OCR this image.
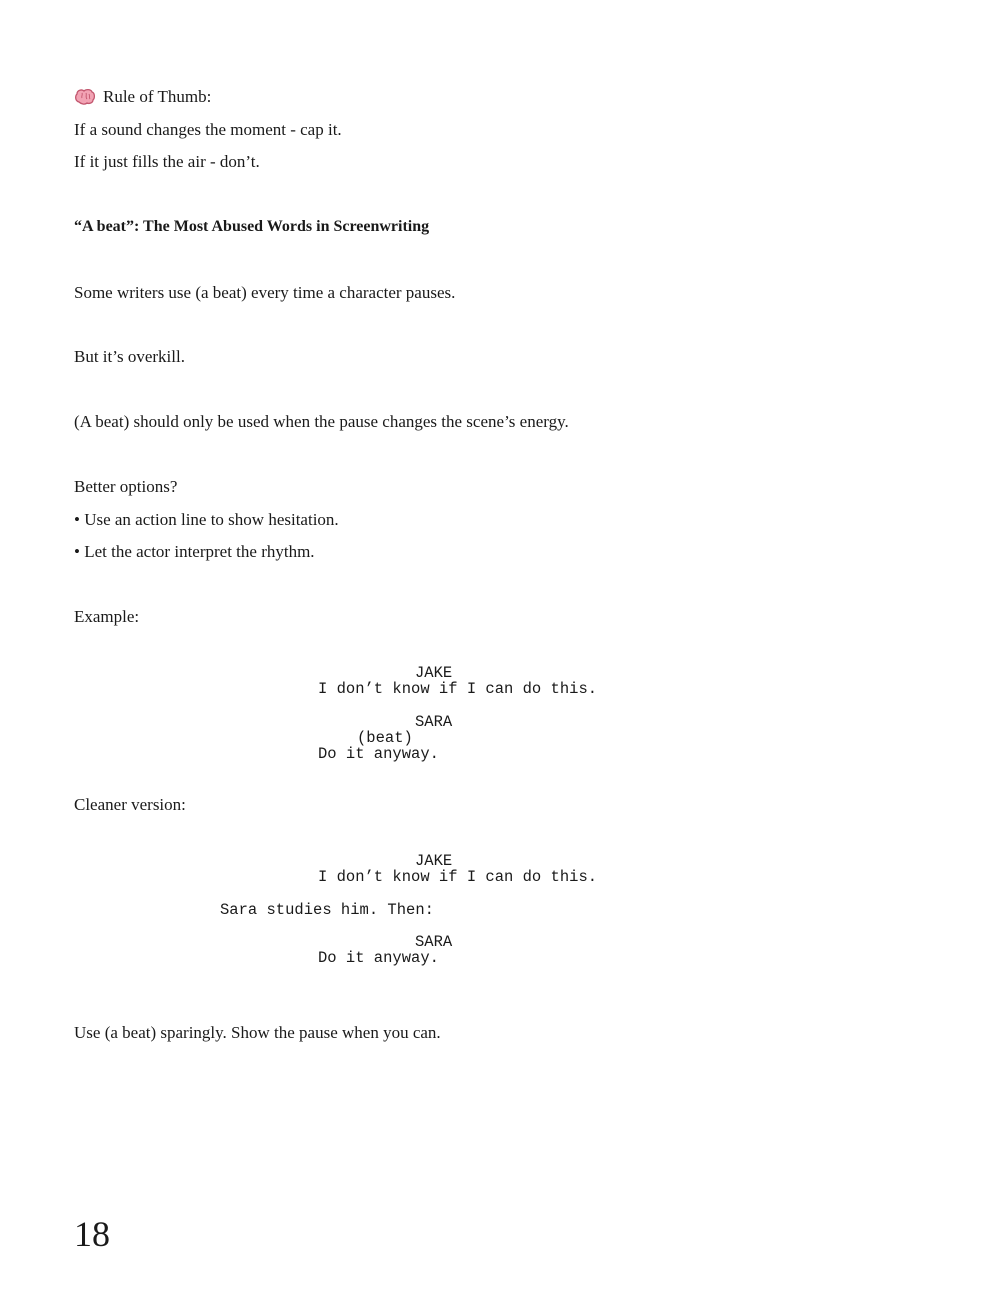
Rule of Thumb:
If a sound changes the moment - cap it.
If it just fills the air - don’t.
“A beat”: The Most Abused Words in Screenwriting
Some writers use (a beat) every time a character pauses.
But it’s overkill.
(A beat) should only be used when the pause changes the scene’s energy.
Better options?
• Use an action line to show hesitation.
• Let the actor interpret the rhythm.
Example:
JAKE
I don’t know if I can do this.
SARA
(beat)
Do it anyway.
Cleaner version:
JAKE
I don’t know if I can do this.
Sara studies him. Then:
SARA
Do it anyway.
Use (a beat) sparingly. Show the pause when you can.
18
